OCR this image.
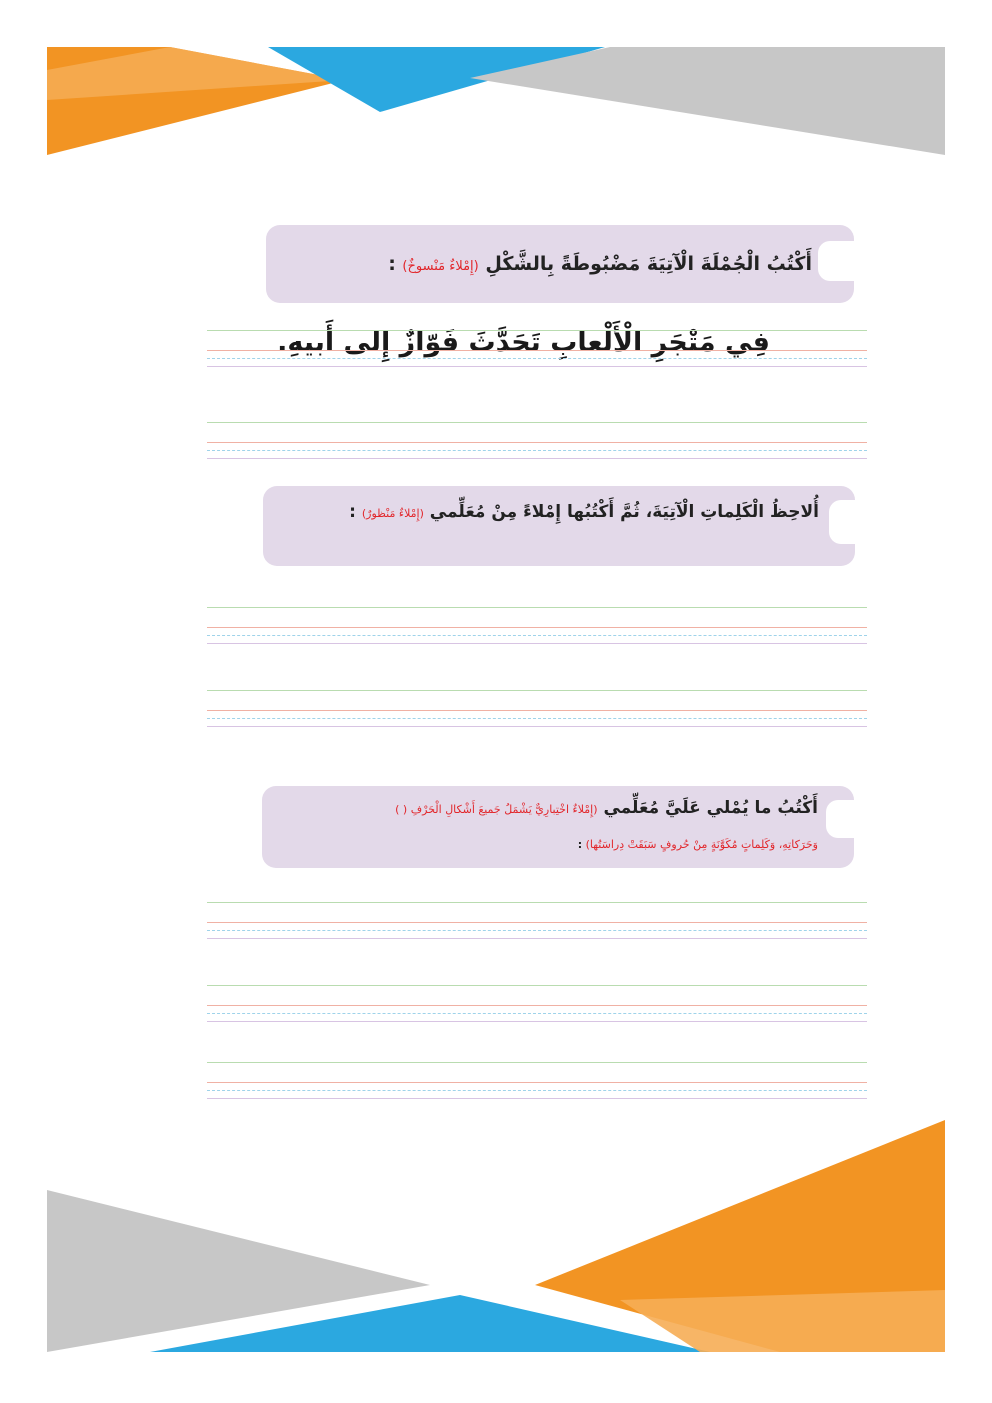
أَكْتُبُ الْجُمْلَةَ الْآتِيَةَ مَضْبُوطَةً بِالشَّكْلِ (إِمْلاءٌ مَنْسوخٌ) :
فِي مَتْجَرِ الْأَلْعابِ تَحَدَّثَ فَوّازٌ إِلى أَبيهِ.
أُلاحِظُ الْكَلِماتِ الْآتِيَةَ، ثُمَّ أَكْتُبُها إِمْلاءً مِنْ مُعَلِّمي (إِمْلاءٌ مَنْظورٌ) :
أَكْتُبُ ما يُمْلي عَلَيَّ مُعَلِّمي (إِمْلاءٌ اخْتِبارِيٌّ يَشْمَلُ جَميعَ أَشْكالِ الْحَرْفِ ( )
وَحَرَكاتِهِ، وَكَلِماتٍ مُكَوَّنَةٍ مِنْ حُروفٍ سَبَقَتْ دِراسَتُها) :
